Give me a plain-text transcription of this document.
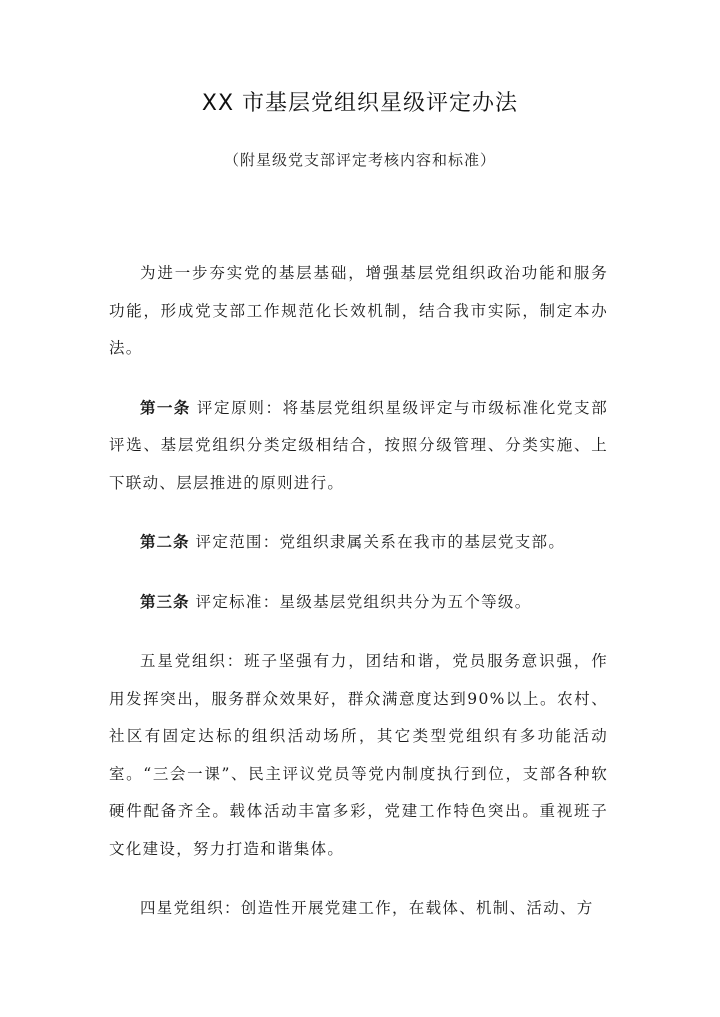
XX 市基层党组织星级评定办法
（附星级党支部评定考核内容和标准）

为进一步夯实党的基层基础，增强基层党组织政治功能和服务功能，形成党支部工作规范化长效机制，结合我市实际，制定本办法。

第一条 评定原则：将基层党组织星级评定与市级标准化党支部评选、基层党组织分类定级相结合，按照分级管理、分类实施、上下联动、层层推进的原则进行。

第二条 评定范围：党组织隶属关系在我市的基层党支部。

第三条 评定标准：星级基层党组织共分为五个等级。

五星党组织：班子坚强有力，团结和谐，党员服务意识强，作用发挥突出，服务群众效果好，群众满意度达到90%以上。农村、社区有固定达标的组织活动场所，其它类型党组织有多功能活动室。“三会一课”、民主评议党员等党内制度执行到位，支部各种软硬件配备齐全。载体活动丰富多彩，党建工作特色突出。重视班子文化建设，努力打造和谐集体。

四星党组织：创造性开展党建工作，在载体、机制、活动、方
